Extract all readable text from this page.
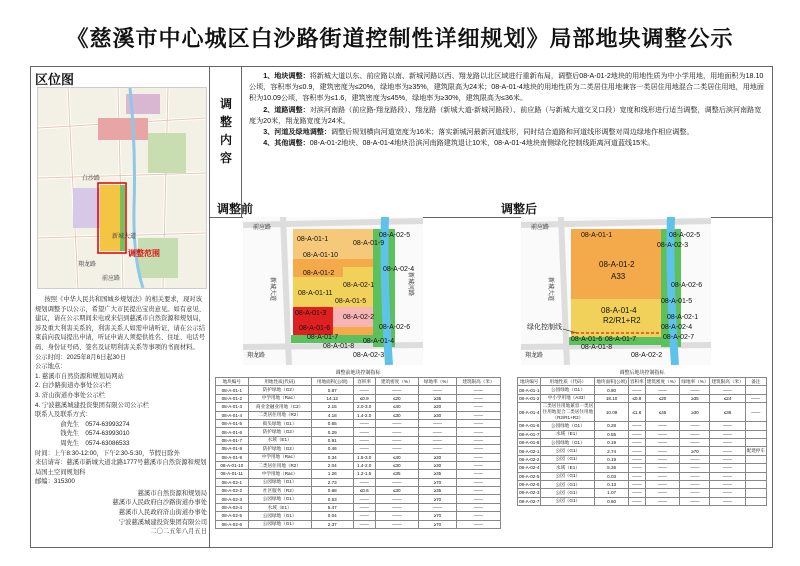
《慈溪市中心城区白沙路街道控制性详细规划》局部地块调整公示
区位图
新城大道
白沙路
翔龙路
前应路
调整范围

按照《中华人民共和国城乡规划法》的相关要求，现对该规划调整予以公示，希望广大市民提出宝贵意见。如有意见、建议，请在公示期间来电或来信到慈溪市自然资源和规划局，涉及重大利害关系的，利害关系人如需申请听证，请在公示结束前向我局提出申请，听证申请人须提供姓名、住址、电话号码、身份证号码、签名及证明利害关系等事项的书面材料。

公示时间：2025年8月6日起30日

公示地点：

1. 慈溪市自然资源和规划局网站

2. 白沙路街道办事处公示栏

3. 浒山街道办事处公示栏

4. 宁波慈溪城建投资集团有限公司公示栏

联系人及联系方式：

俞先生　0574-63993274

钱先生　0574-63993010

周先生　0574-63086533

时间：上午8:30-12:00，下午2:30-5:30，节假日除外

来信请寄：慈溪市新城大道北路1777号慈溪市自然资源和规划局国土空间规划科

邮编：315300

慈溪市自然资源和规划局

慈溪市人民政府白沙路街道办事处

慈溪市人民政府浒山街道办事处

宁波慈溪城建投资集团有限公司

二〇二五年八月五日

调整内容

1、地块调整：将新城大道以东、前应路以南、新城河路以西、翔龙路以北区域进行重新布局，调整后08-A-01-2地块的用地性质为中小学用地，用地面积为18.10公顷，容积率为≤0.9，建筑密度为≤20%，绿地率为≥35%，建筑限高为24米；08-A-01-4地块的用地性质为二类居住用地兼容一类居住用地混合二类居住用地，用地面积为10.09公顷，容积率为≤1.6，建筑密度为≤45%，绿地率为≥30%，建筑限高为≤36米。

2、道路调整：对滨河南路（前应路-翔龙路段）、翔龙路（新城大道-新城河路段）、前应路（与新城大道交叉口段）宽度和线形进行适当调整，调整后滨河南路宽度为20米，翔龙路宽度为24米。

3、河道及绿地调整：调整后规划横向河道宽度为16米；落实新城河最新河道线形，同时结合道路和河道线形调整对周边绿地作相应调整。

4、其他调整：08-A-01-2地块、08-A-01-4地块沿滨河南路建筑退让10米，08-A-01-4地块南侧绿化控制线距离河道蓝线15米。

调整前
前应路
新城大道	新城河路
翔龙路
08-A-01-10
08-A-01-2
08-A-01-11
08-A-02-1
08-A-01-5
08-A-02-2
08-A-01-3
08-A-01-6
08-A-01-7
08-A-01-8
08-A-02-5
08-A-02-4
08-A-02-6
08-A-02-3
08-A-01-1
08-A-01-9
08-A-01-4
调整后
前应路
新城大道
翔龙路
08-A-01-1
08-A-01-2
A33
08-A-01-4
R2/R1+R2
08-A-01-5
08-A-01-6 08-A-01-7
08-A-01-8
08-A-02-1
08-A-02-2
08-A-02-3
08-A-02-4
08-A-02-5
08-A-02-6
08-A-02-7
绿化控制线
调整前地块控制指标
地块编号	用地性质(代码)	用地面积(公顷)	容积率	建筑密度（%）	绿地率（%）	建筑限高（米）
08-A-01-1	防护绿地（G2）	0.87	——	——	——	——
08-A-01-2	中学用地（Rac）	14.12	≤0.9	≤20	≥35	——
08-A-01-3	商业金融业用地（C2）	2.15	2.0-3.0	≤40	≥20	——
08-A-01-4	二类居住用地（R2）	4.18	1.4-2.0	≤30	≥30	——
08-A-01-5	街头绿地（G1）	0.65	——	——	——	——
08-A-01-6	防护绿地（G2）	0.29	——	——	——	——
08-A-01-7	水域（E1）	0.91	——	——	——	——
08-A-01-8	防护绿地（G2）	0.46	——	——	——	——
08-A-01-9	中学用地（Rac）	0.34	1.5-3.0	≤40	≥20	——
08-A-01-10	二类居住用地（R2）	2.04	1.4-2.0	≤30	≥30	——
08-A-01-11	中学用地（Rac）	1.26	1.2-1.5	≤35	≥35	——
08-A-02-1	公园绿地（G1）	2.73	——	——	≥70	——
08-A-02-2	社区服务（R2）	0.68	≤0.6	≤30	≥35	——
08-A-02-3	公园绿地（G1）	0.53	——	——	≥70	——
08-A-02-4	水域（E1）	5.47	——	——	——	——
08-A-02-5	公园绿地（G1）	0.04	——	——	≥70	——
08-A-02-6	公园绿地（G1）	2.37	——	——	≥70	——
调整后地块控制指标
地块编号	用地性质（代码）	地块面积(公顷)	容积率	建筑密度（%）	绿地率（%）	建筑限高（米）	备注
08-A-01-1	公园绿地（G1）	0.80	——	——	——	——	
08-A-01-2	中小学用地（A33）	18.10	≤0.9	≤20	≥35	≤24	——
08-A-01-4	二类居住用地兼容一类居住用地混合二类居住用地（R2/R1+R2）	10.09	≤1.6	≤45	≥30	≤36	——
08-A-01-6	公园绿地（G1）	0.28	——	——	——	——	
08-A-01-7	水域（E1）	0.55	——	——	——	——	
08-A-01-8	公园绿地（G1）	0.19	——	——	——	——	
08-A-02-1	公园（G1）	2.74	——	——	≥70	——	配建停车
08-A-02-2	公园（G1）	0.19	——	——	——	——	
08-A-02-4	水域（E1）	5.26	——	——	——	——	
08-A-02-5	公园（G1）	0.03	——	——	——	——	
08-A-02-6	公园（G1）	0.13	——	——	——	——	
08-A-02-3	公园（G1）	1.07	——	——	——	——	
08-A-02-7	公园（G1）	0.60	——	——	——	——	
